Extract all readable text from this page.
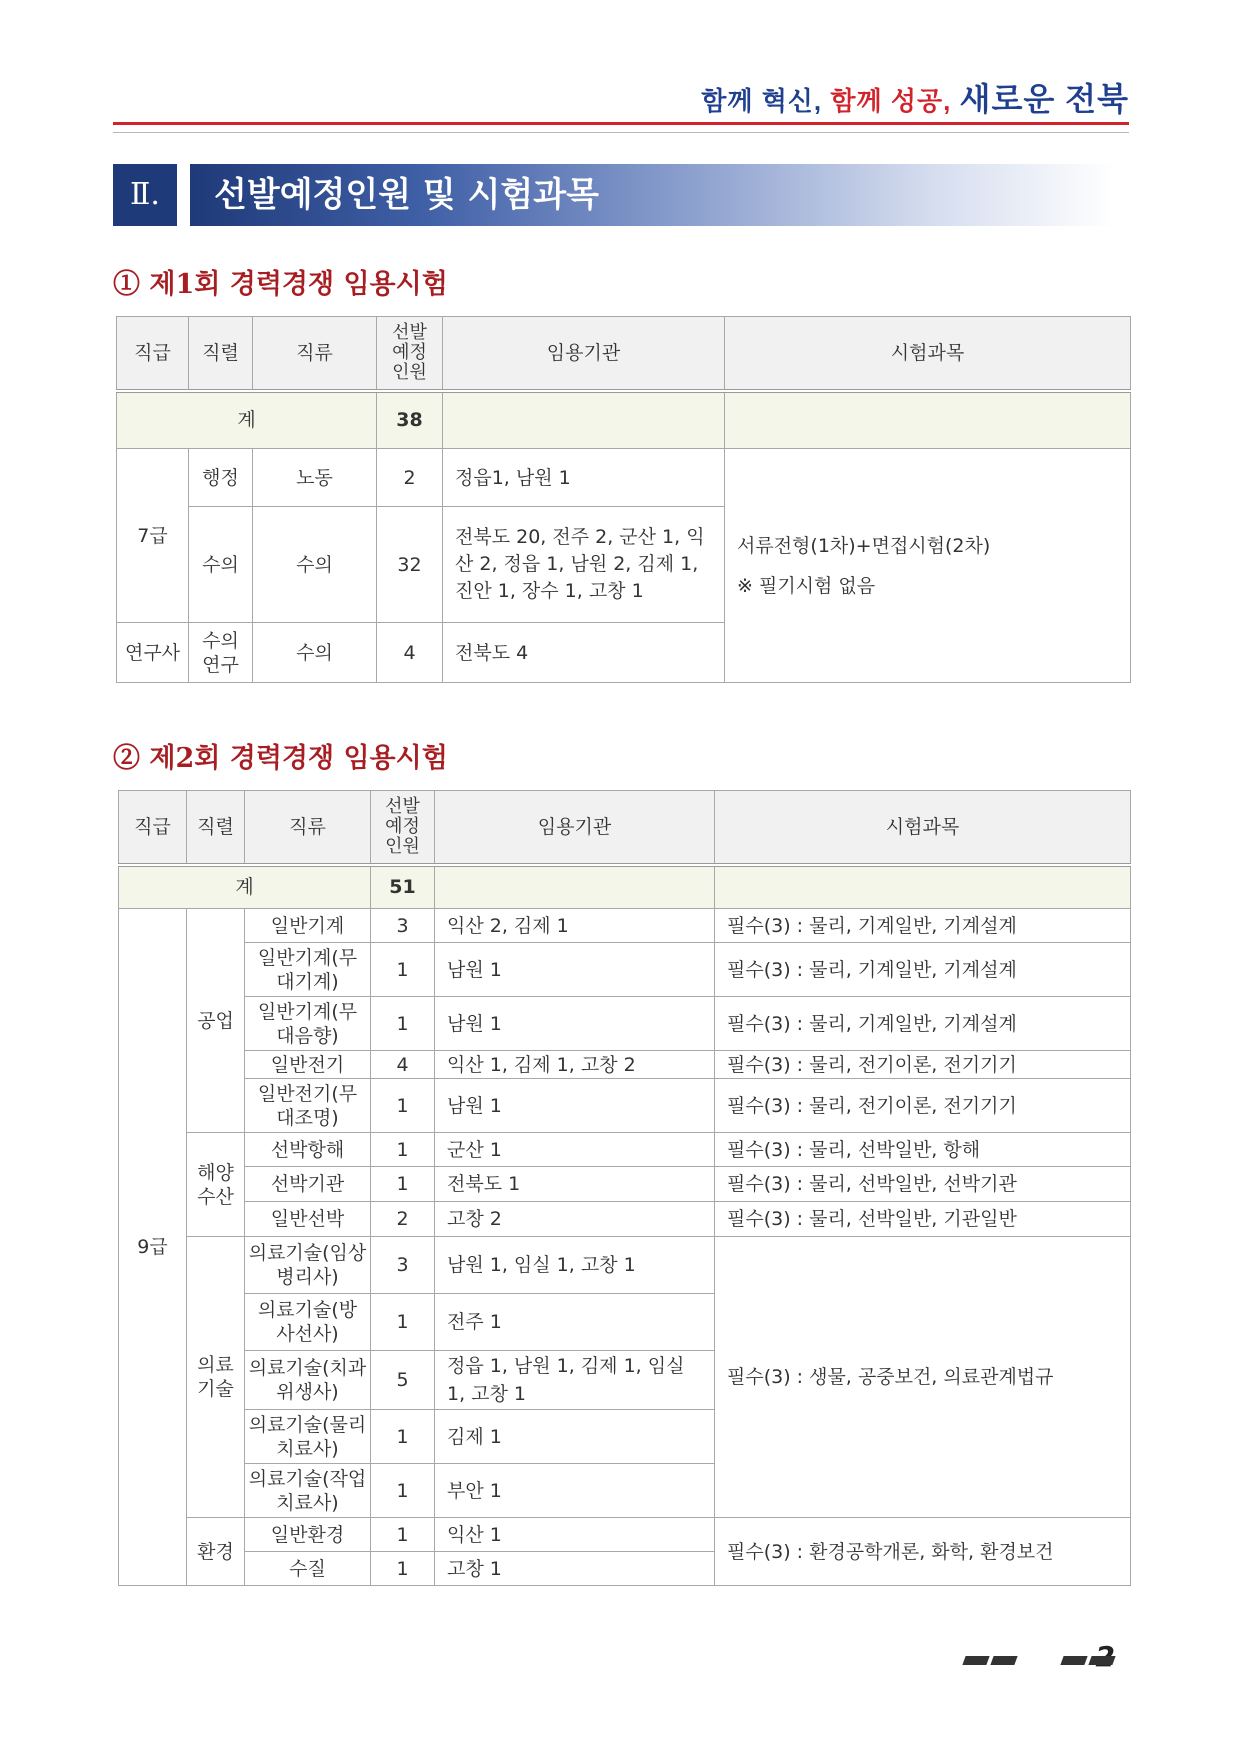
함께 혁신, 함께 성공, 새로운 전북
Ⅱ.	선발예정인원 및 시험과목
① 제1회 경력경쟁 임용시험
직급	직렬	직류	선발
예정
인원	임용기관	시험과목
계			38		
7급	행정	노동	2	정읍1, 남원 1	서류전형(1차)+면접시험(2차)
※ 필기시험 없음

	수의	수의	32	전북도 20, 전주 2, 군산 1, 익산 2, 정읍 1, 남원 2, 김제 1, 진안 1, 장수 1, 고창 1	
연구사	수의연구	수의	4	전북도 4	
② 제2회 경력경쟁 임용시험
직급	직렬	직류	선발
예정
인원	임용기관	시험과목
계			51		
9급	공업	일반기계	3	익산 2, 김제 1	필수(3) : 물리, 기계일반, 기계설계
		일반기계(무대기계)	1	남원 1	필수(3) : 물리, 기계일반, 기계설계
		일반기계(무대음향)	1	남원 1	필수(3) : 물리, 기계일반, 기계설계
		일반전기	4	익산 1, 김제 1, 고창 2	필수(3) : 물리, 전기이론, 전기기기
		일반전기(무대조명)	1	남원 1	필수(3) : 물리, 전기이론, 전기기기
	해양수산	선박항해	1	군산 1	필수(3) : 물리, 선박일반, 항해
		선박기관	1	전북도 1	필수(3) : 물리, 선박일반, 선박기관
		일반선박	2	고창 2	필수(3) : 물리, 선박일반, 기관일반
	의료기술	의료기술(임상병리사)	3	남원 1, 임실 1, 고창 1	필수(3) : 생물, 공중보건, 의료관계법규
		의료기술(방사선사)	1	전주 1	
		의료기술(치과위생사)	5	정읍 1, 남원 1, 김제 1, 임실 1, 고창 1	
		의료기술(물리치료사)	1	김제 1	
		의료기술(작업치료사)	1	부안 1	
	환경	일반환경	1	익산 1	필수(3) : 환경공학개론, 화학, 환경보건
		수질	1	고창 1	
